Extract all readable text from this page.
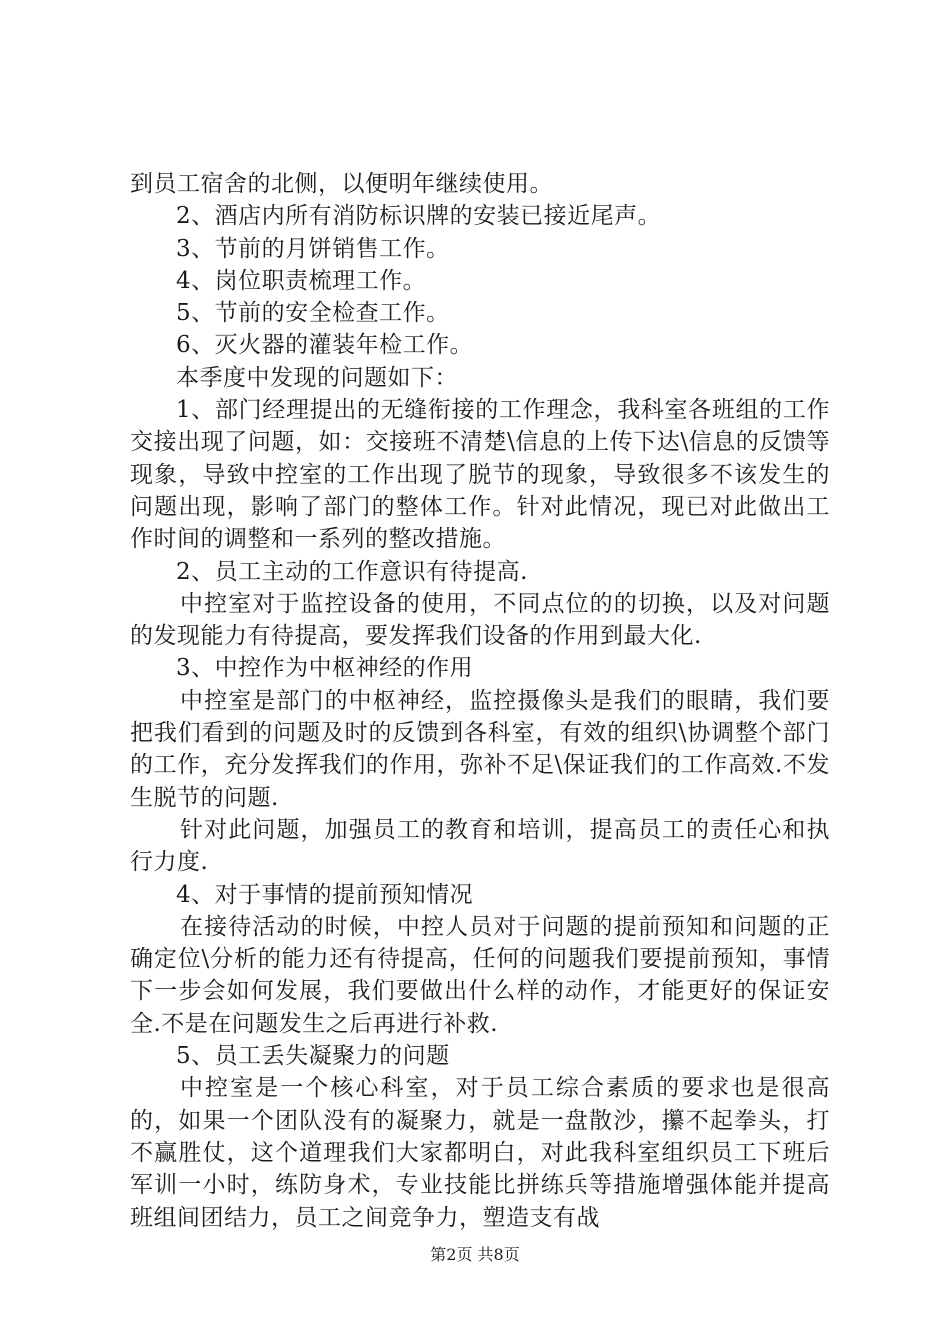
到员工宿舍的北侧，以便明年继续使用。

2、酒店内所有消防标识牌的安装已接近尾声。

3、节前的月饼销售工作。

4、岗位职责梳理工作。

5、节前的安全检查工作。

6、灭火器的灌装年检工作。

本季度中发现的问题如下：

1、部门经理提出的无缝衔接的工作理念，我科室各班组的工作交接出现了问题，如：交接班不清楚\信息的上传下达\信息的反馈等现象，导致中控室的工作出现了脱节的现象，导致很多不该发生的问题出现，影响了部门的整体工作。针对此情况，现已对此做出工作时间的调整和一系列的整改措施。

2、员工主动的工作意识有待提高.

中控室对于监控设备的使用，不同点位的的切换，以及对问题的发现能力有待提高，要发挥我们设备的作用到最大化.

3、中控作为中枢神经的作用

中控室是部门的中枢神经，监控摄像头是我们的眼睛，我们要把我们看到的问题及时的反馈到各科室，有效的组织\协调整个部门的工作，充分发挥我们的作用，弥补不足\保证我们的工作高效.不发生脱节的问题.

针对此问题，加强员工的教育和培训，提高员工的责任心和执行力度.

4、对于事情的提前预知情况

在接待活动的时候，中控人员对于问题的提前预知和问题的正确定位\分析的能力还有待提高，任何的问题我们要提前预知，事情下一步会如何发展，我们要做出什么样的动作，才能更好的保证安全.不是在问题发生之后再进行补救.

5、员工丢失凝聚力的问题

中控室是一个核心科室，对于员工综合素质的要求也是很高的，如果一个团队没有的凝聚力，就是一盘散沙，攥不起拳头，打不赢胜仗，这个道理我们大家都明白，对此我科室组织员工下班后军训一小时，练防身术，专业技能比拼练兵等措施增强体能并提高班组间团结力，员工之间竞争力，塑造支有战

第2页 共8页
